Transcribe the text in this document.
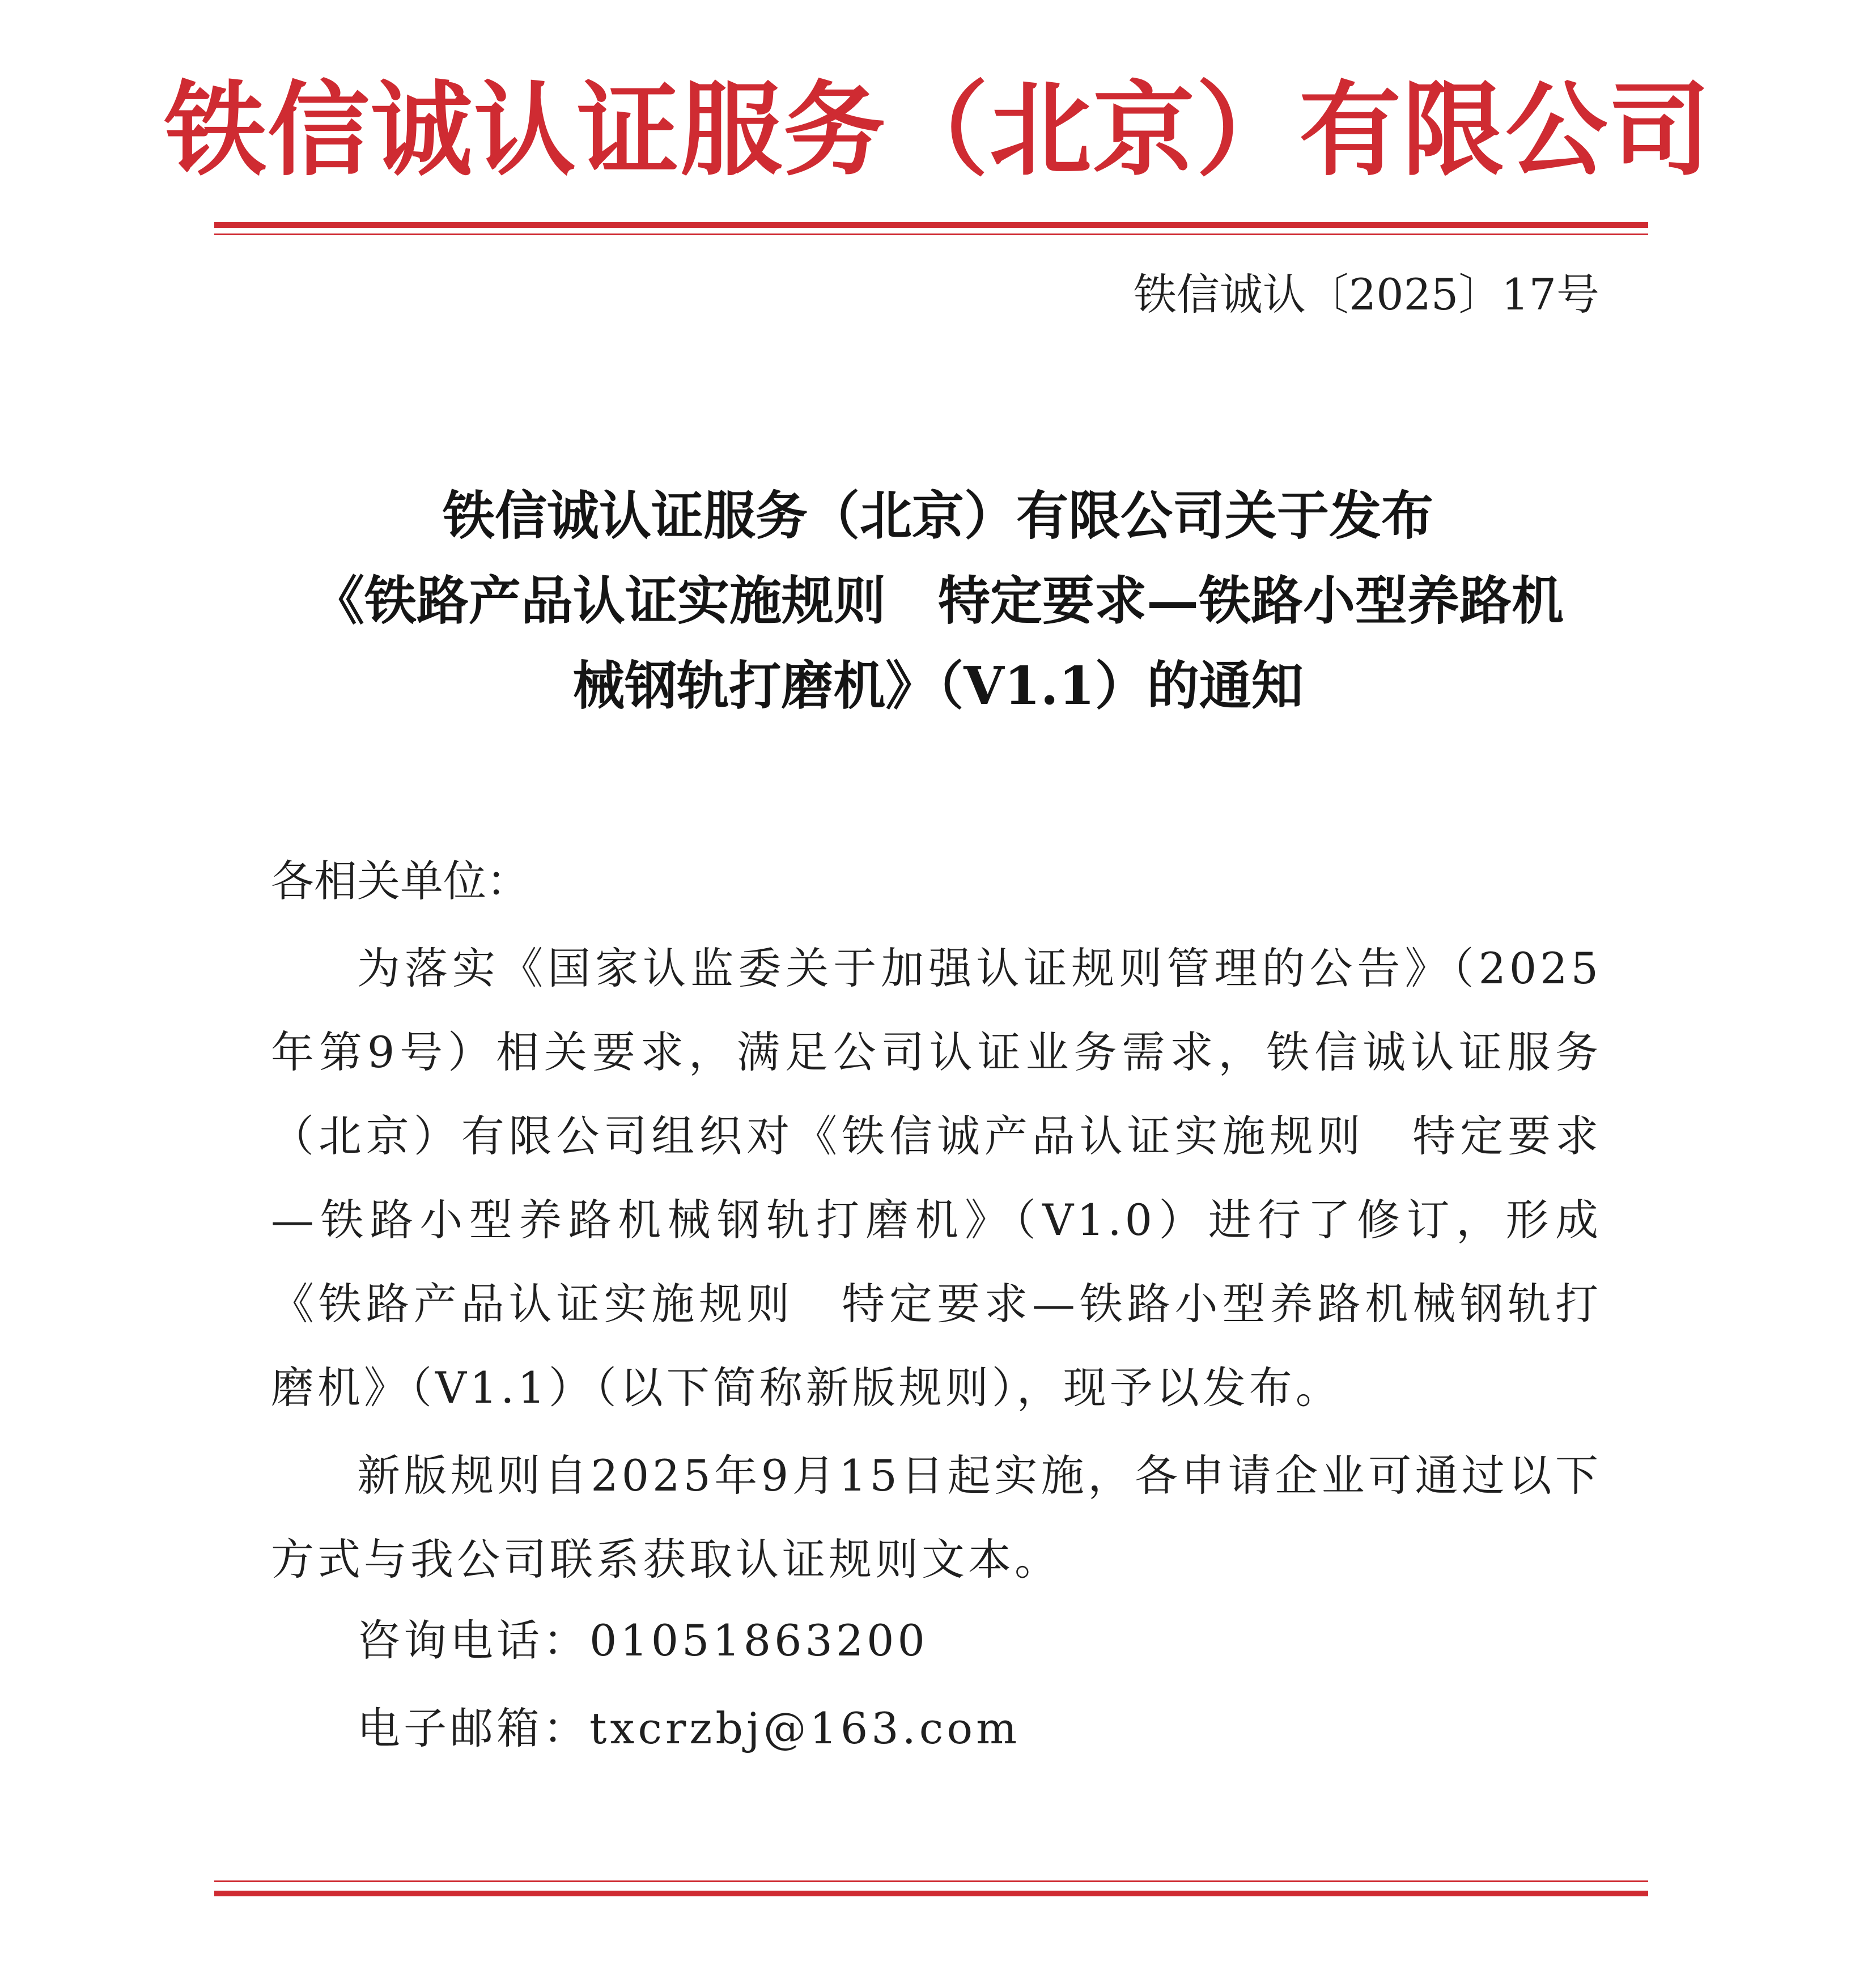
铁信诚认证服务（北京）有限公司
铁信诚认〔2025〕17号
铁信诚认证服务（北京）有限公司关于发布
《铁路产品认证实施规则　特定要求—铁路小型养路机
械钢轨打磨机》（V1.1）的通知
各相关单位：

为落实《国家认监委关于加强认证规则管理的公告》（2025年第9号）相关要求，满足公司认证业务需求，铁信诚认证服务（北京）有限公司组织对《铁信诚产品认证实施规则　特定要求—铁路小型养路机械钢轨打磨机》（V1.0）进行了修订，形成《铁路产品认证实施规则　特定要求—铁路小型养路机械钢轨打磨机》（V1.1）（以下简称新版规则），现予以发布。

新版规则自2025年9月15日起实施，各申请企业可通过以下方式与我公司联系获取认证规则文本。

咨询电话：01051863200
电子邮箱：txcrzbj@163.com
